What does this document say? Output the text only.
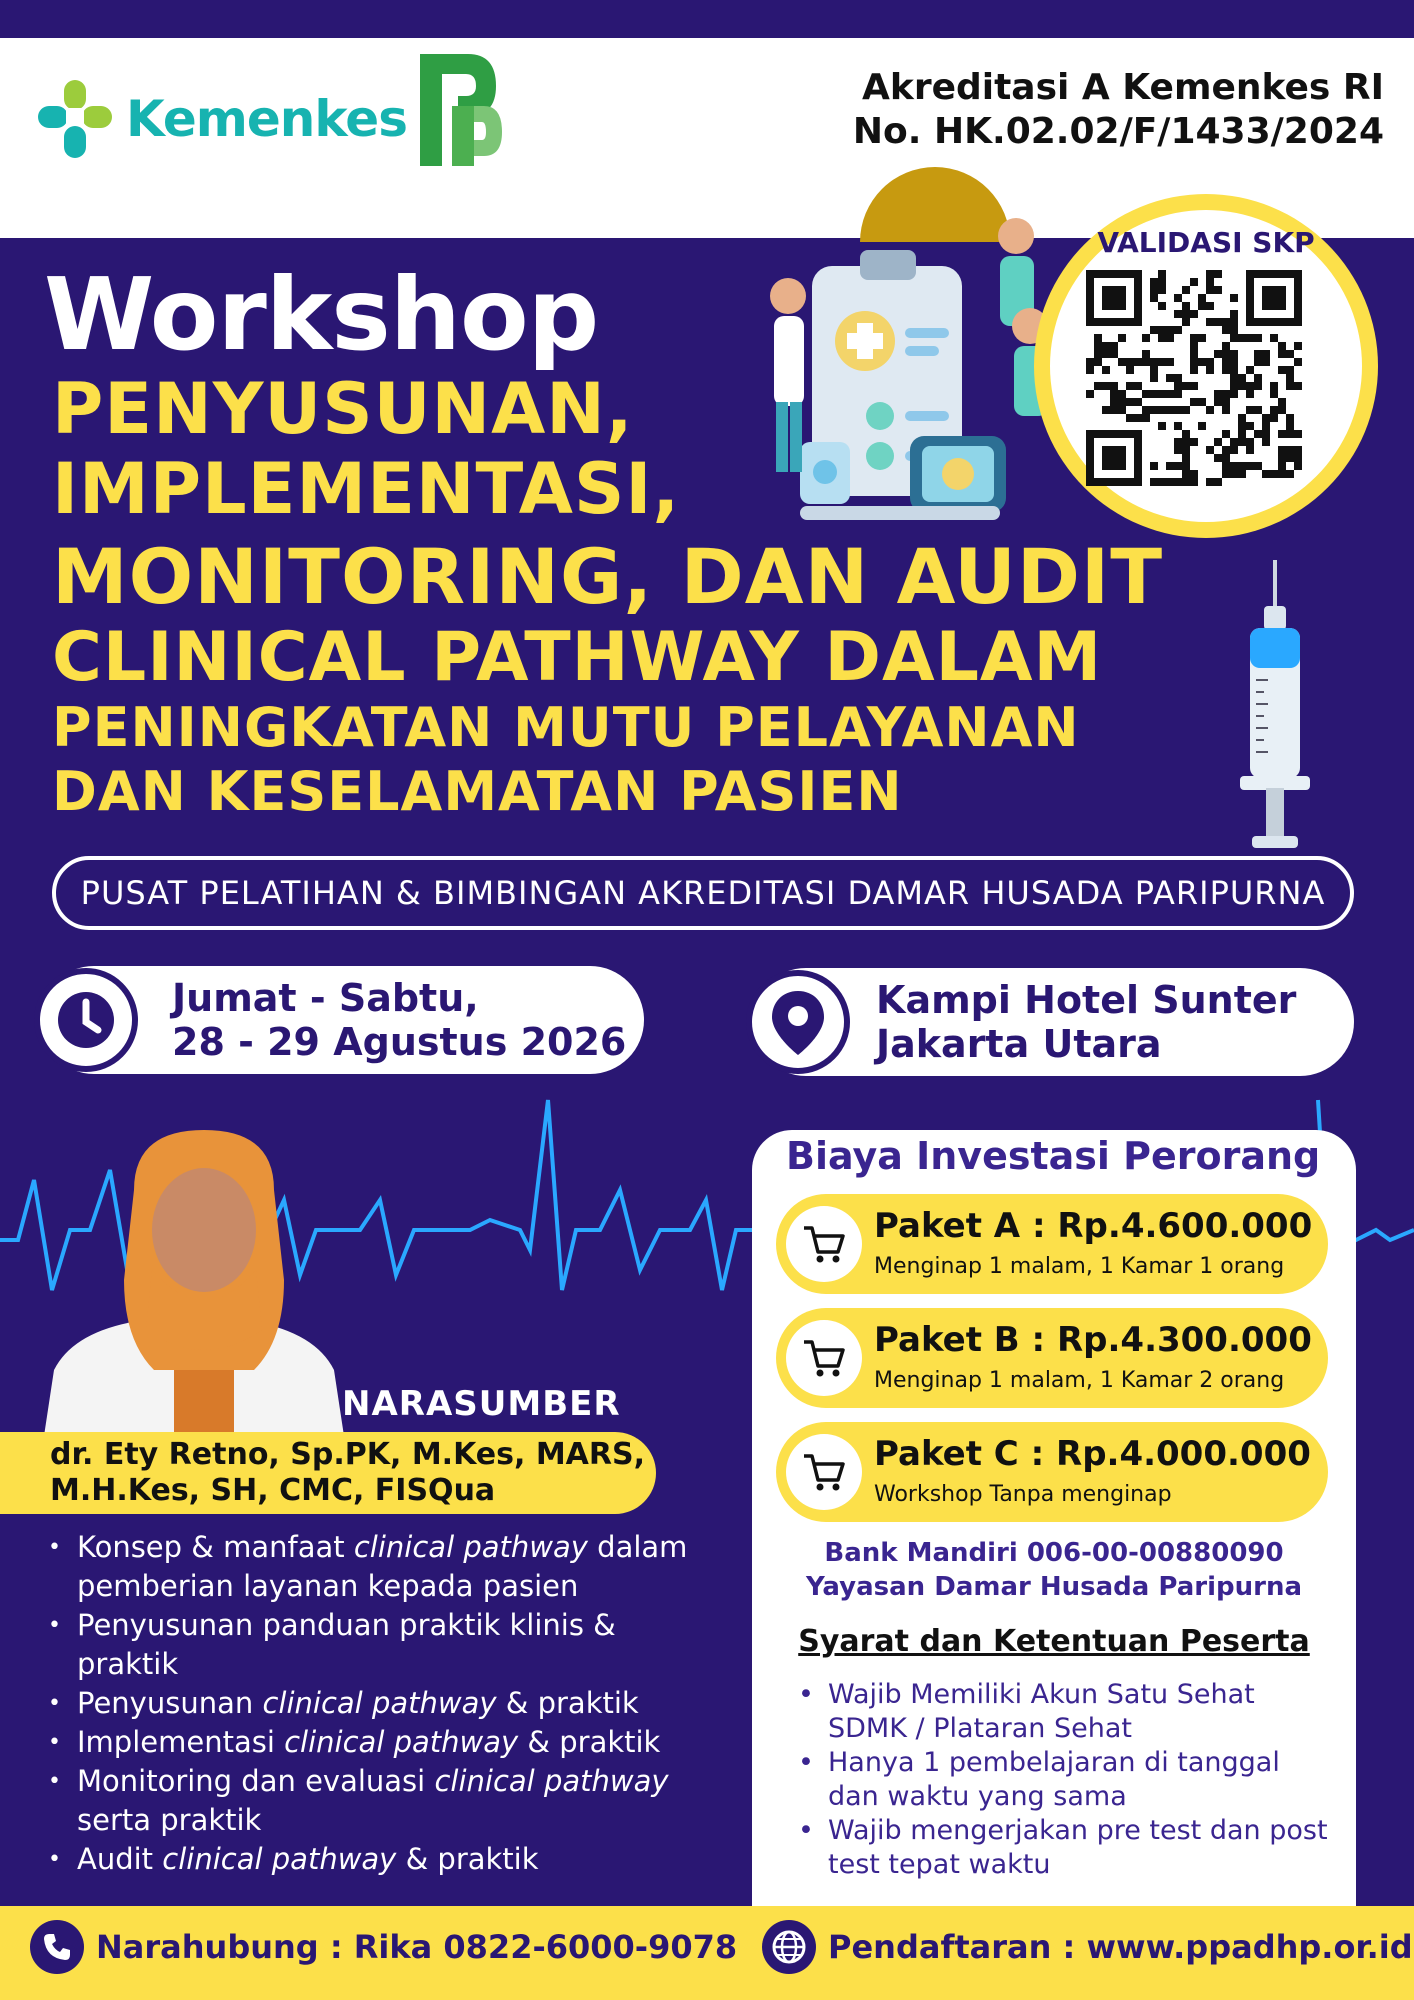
Kemenkes
Akreditasi A Kemenkes RI
No. HK.02.02/F/1433/2024
VALIDASI SKP
Workshop
PENYUSUNAN,
IMPLEMENTASI,
MONITORING, DAN AUDIT
CLINICAL PATHWAY DALAM
PENINGKATAN MUTU PELAYANAN
DAN KESELAMATAN PASIEN
PUSAT PELATIHAN & BIMBINGAN AKREDITASI DAMAR HUSADA PARIPURNA
Jumat - Sabtu,
28 - 29 Agustus 2026
Kampi Hotel Sunter
Jakarta Utara
NARASUMBER
dr. Ety Retno, Sp.PK, M.Kes, MARS,
M.H.Kes, SH, CMC, FISQua
• Konsep & manfaat clinical pathway dalam pemberian layanan kepada pasien
• Penyusunan panduan praktik klinis & praktik
• Penyusunan clinical pathway & praktik
• Implementasi clinical pathway & praktik
• Monitoring dan evaluasi clinical pathway serta praktik
• Audit clinical pathway & praktik
Biaya Investasi Perorang
Paket A : Rp.4.600.000
Menginap 1 malam, 1 Kamar 1 orang
Paket B : Rp.4.300.000
Menginap 1 malam, 1 Kamar 2 orang
Paket C : Rp.4.000.000
Workshop Tanpa menginap
Bank Mandiri 006-00-00880090
Yayasan Damar Husada Paripurna
Syarat dan Ketentuan Peserta
• Wajib Memiliki Akun Satu Sehat SDMK / Plataran Sehat
• Hanya 1 pembelajaran di tanggal dan waktu yang sama
• Wajib mengerjakan pre test dan post test tepat waktu
Narahubung : Rika 0822-6000-9078	Pendaftaran : www.ppadhp.or.id
